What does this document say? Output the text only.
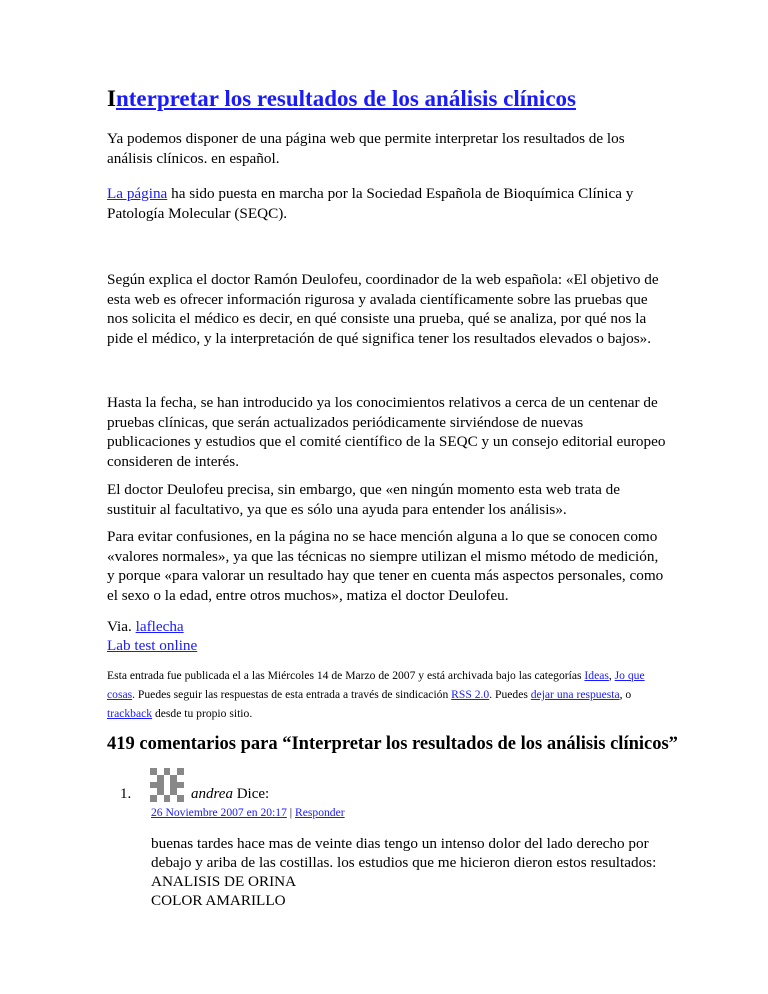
Interpretar los resultados de los análisis clínicos

Ya podemos disponer de una página web que permite interpretar los resultados de los análisis clínicos. en español.

La página ha sido puesta en marcha por la Sociedad Española de Bioquímica Clínica y Patología Molecular (SEQC).

Según explica el doctor Ramón Deulofeu, coordinador de la web española: «El objetivo de esta web es ofrecer información rigurosa y avalada científicamente sobre las pruebas que nos solicita el médico es decir, en qué consiste una prueba, qué se analiza, por qué nos la pide el médico, y la interpretación de qué significa tener los resultados elevados o bajos».

Hasta la fecha, se han introducido ya los conocimientos relativos a cerca de un centenar de pruebas clínicas, que serán actualizados periódicamente sirviéndose de nuevas publicaciones y estudios que el comité científico de la SEQC y un consejo editorial europeo consideren de interés.

El doctor Deulofeu precisa, sin embargo, que «en ningún momento esta web trata de sustituir al facultativo, ya que es sólo una ayuda para entender los análisis».

Para evitar confusiones, en la página no se hace mención alguna a lo que se conocen como «valores normales», ya que las técnicas no siempre utilizan el mismo método de medición, y porque «para valorar un resultado hay que tener en cuenta más aspectos personales, como el sexo o la edad, entre otros muchos», matiza el doctor Deulofeu.

Via. laflecha

Lab test online

Esta entrada fue publicada el a las Miércoles 14 de Marzo de 2007 y está archivada bajo las categorías Ideas, Jo que cosas. Puedes seguir las respuestas de esta entrada a través de sindicación RSS 2.0. Puedes dejar una respuesta, o trackback desde tu propio sitio.

419 comentarios para “Interpretar los resultados de los análisis clínicos”
1.	andrea Dice:
26 Noviembre 2007 en 20:17 | Responder
buenas tardes hace mas de veinte dias tengo un intenso dolor del lado derecho por
debajo y ariba de las costillas. los estudios que me hicieron dieron estos resultados:
ANALISIS DE ORINA
COLOR AMARILLO
